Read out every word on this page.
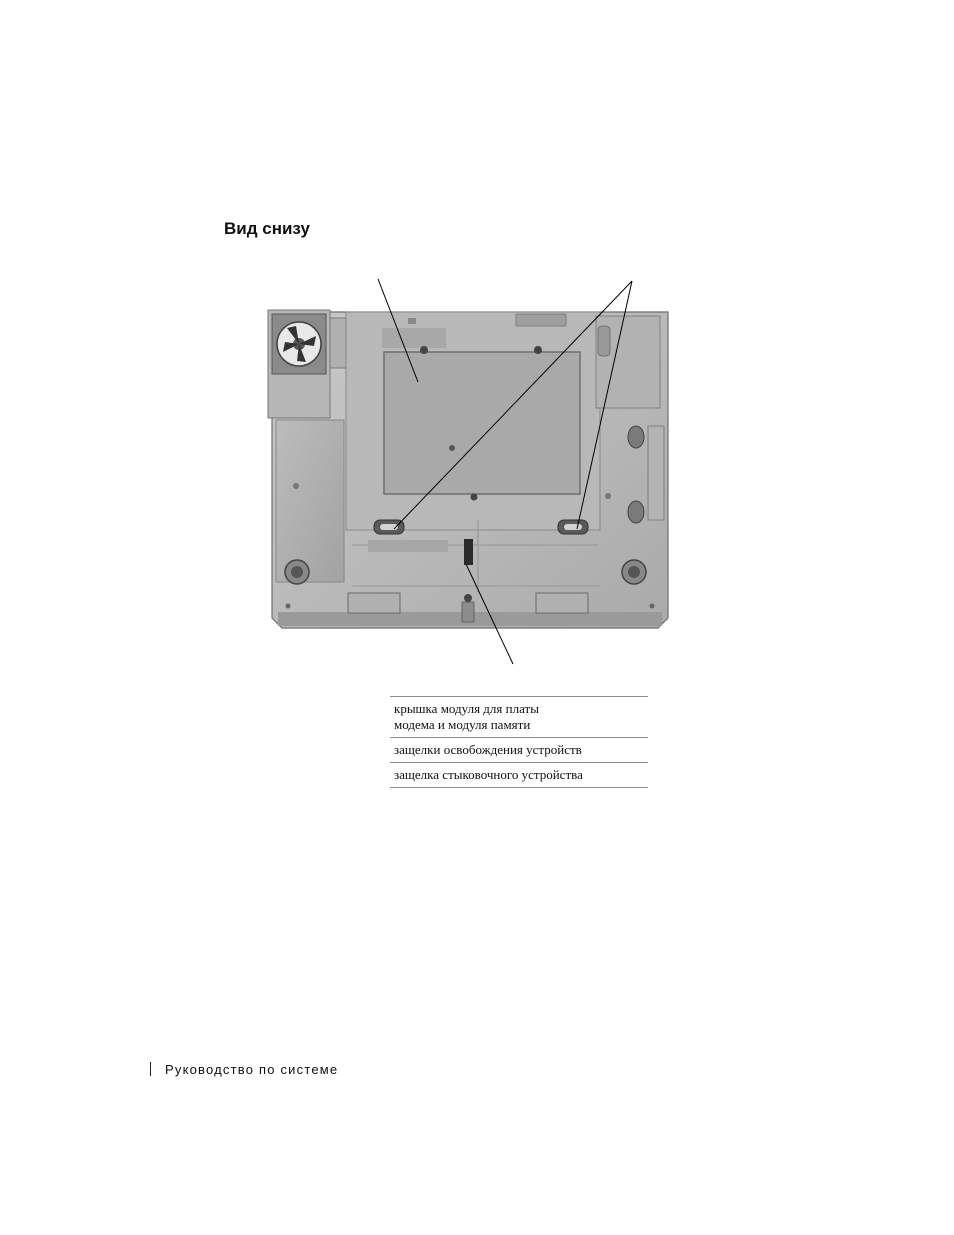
Вид снизу
крышка модуля для платы
модема и модуля памяти
защелки освобождения устройств
защелка стыковочного устройства
Руководство по системе
